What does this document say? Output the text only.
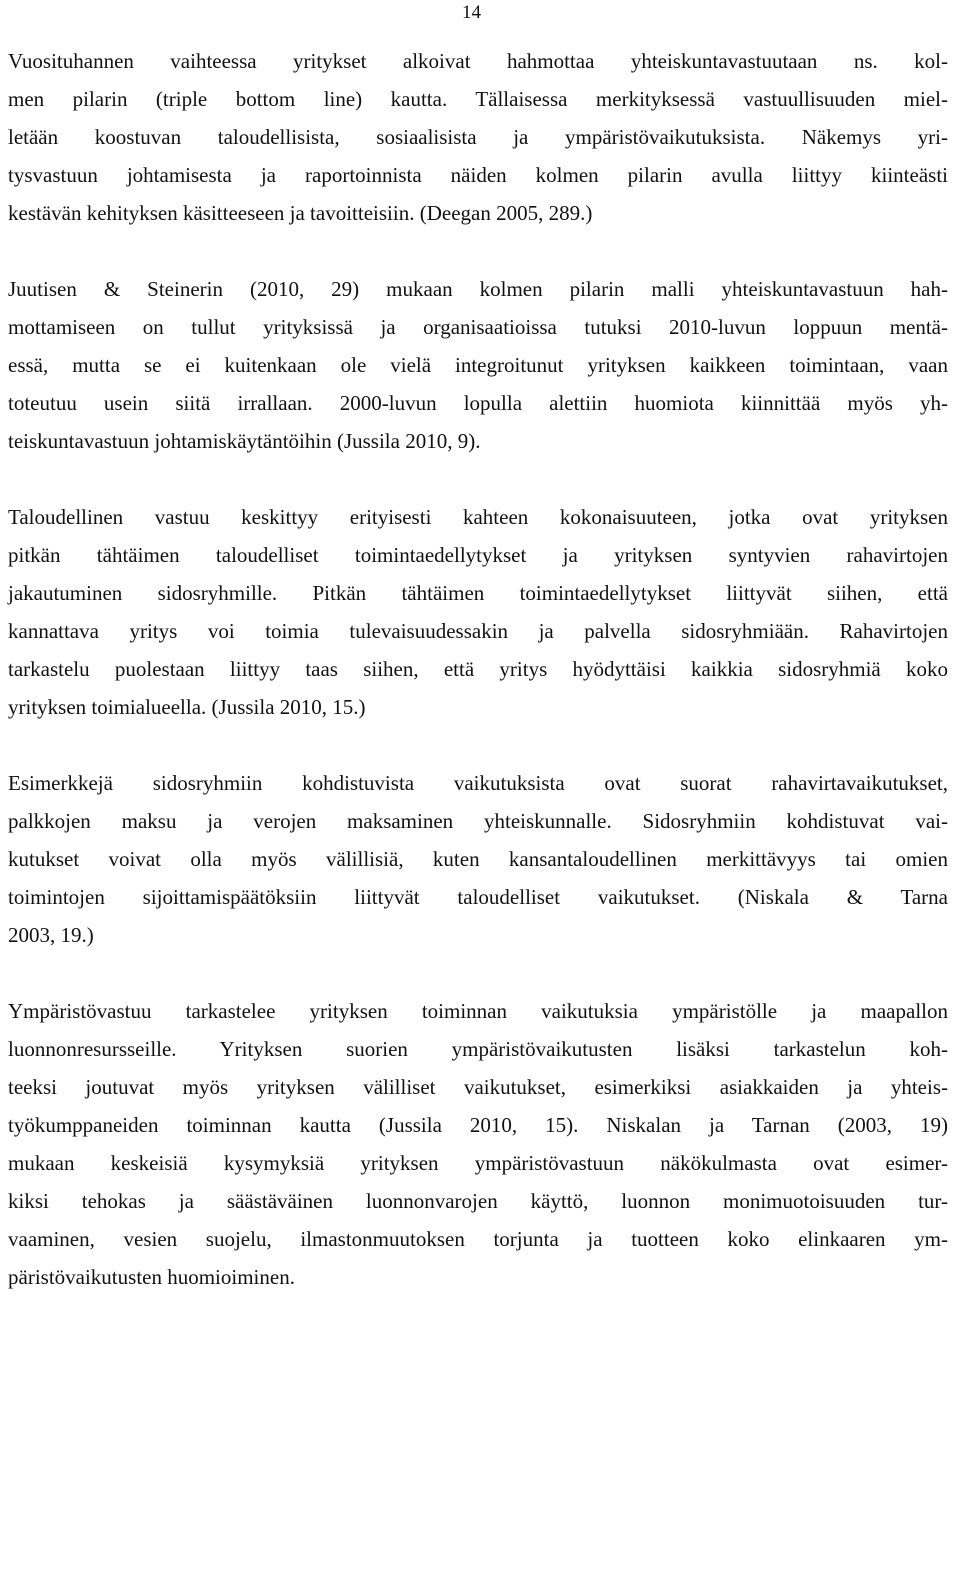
14
Vuosituhannen vaihteessa yritykset alkoivat hahmottaa yhteiskuntavastuutaan ns. kol-
men pilarin (triple bottom line) kautta. Tällaisessa merkityksessä vastuullisuuden miel-
letään koostuvan taloudellisista, sosiaalisista ja ympäristövaikutuksista. Näkemys yri-
tysvastuun johtamisesta ja raportoinnista näiden kolmen pilarin avulla liittyy kiinteästi
kestävän kehityksen käsitteeseen ja tavoitteisiin. (Deegan 2005, 289.)
Juutisen & Steinerin (2010, 29) mukaan kolmen pilarin malli yhteiskuntavastuun hah-
mottamiseen on tullut yrityksissä ja organisaatioissa tutuksi 2010-luvun loppuun mentä-
essä, mutta se ei kuitenkaan ole vielä integroitunut yrityksen kaikkeen toimintaan, vaan
toteutuu usein siitä irrallaan. 2000-luvun lopulla alettiin huomiota kiinnittää myös yh-
teiskuntavastuun johtamiskäytäntöihin (Jussila 2010, 9).
Taloudellinen vastuu keskittyy erityisesti kahteen kokonaisuuteen, jotka ovat yrityksen
pitkän tähtäimen taloudelliset toimintaedellytykset ja yrityksen syntyvien rahavirtojen
jakautuminen sidosryhmille. Pitkän tähtäimen toimintaedellytykset liittyvät siihen, että
kannattava yritys voi toimia tulevaisuudessakin ja palvella sidosryhmiään. Rahavirtojen
tarkastelu puolestaan liittyy taas siihen, että yritys hyödyttäisi kaikkia sidosryhmiä koko
yrityksen toimialueella. (Jussila 2010, 15.)
Esimerkkejä sidosryhmiin kohdistuvista vaikutuksista ovat suorat rahavirtavaikutukset,
palkkojen maksu ja verojen maksaminen yhteiskunnalle. Sidosryhmiin kohdistuvat vai-
kutukset voivat olla myös välillisiä, kuten kansantaloudellinen merkittävyys tai omien
toimintojen sijoittamispäätöksiin liittyvät taloudelliset vaikutukset. (Niskala & Tarna
2003, 19.)
Ympäristövastuu tarkastelee yrityksen toiminnan vaikutuksia ympäristölle ja maapallon
luonnonresursseille. Yrityksen suorien ympäristövaikutusten lisäksi tarkastelun koh-
teeksi joutuvat myös yrityksen välilliset vaikutukset, esimerkiksi asiakkaiden ja yhteis-
työkumppaneiden toiminnan kautta (Jussila 2010, 15). Niskalan ja Tarnan (2003, 19)
mukaan keskeisiä kysymyksiä yrityksen ympäristövastuun näkökulmasta ovat esimer-
kiksi tehokas ja säästäväinen luonnonvarojen käyttö, luonnon monimuotoisuuden tur-
vaaminen, vesien suojelu, ilmastonmuutoksen torjunta ja tuotteen koko elinkaaren ym-
päristövaikutusten huomioiminen.
